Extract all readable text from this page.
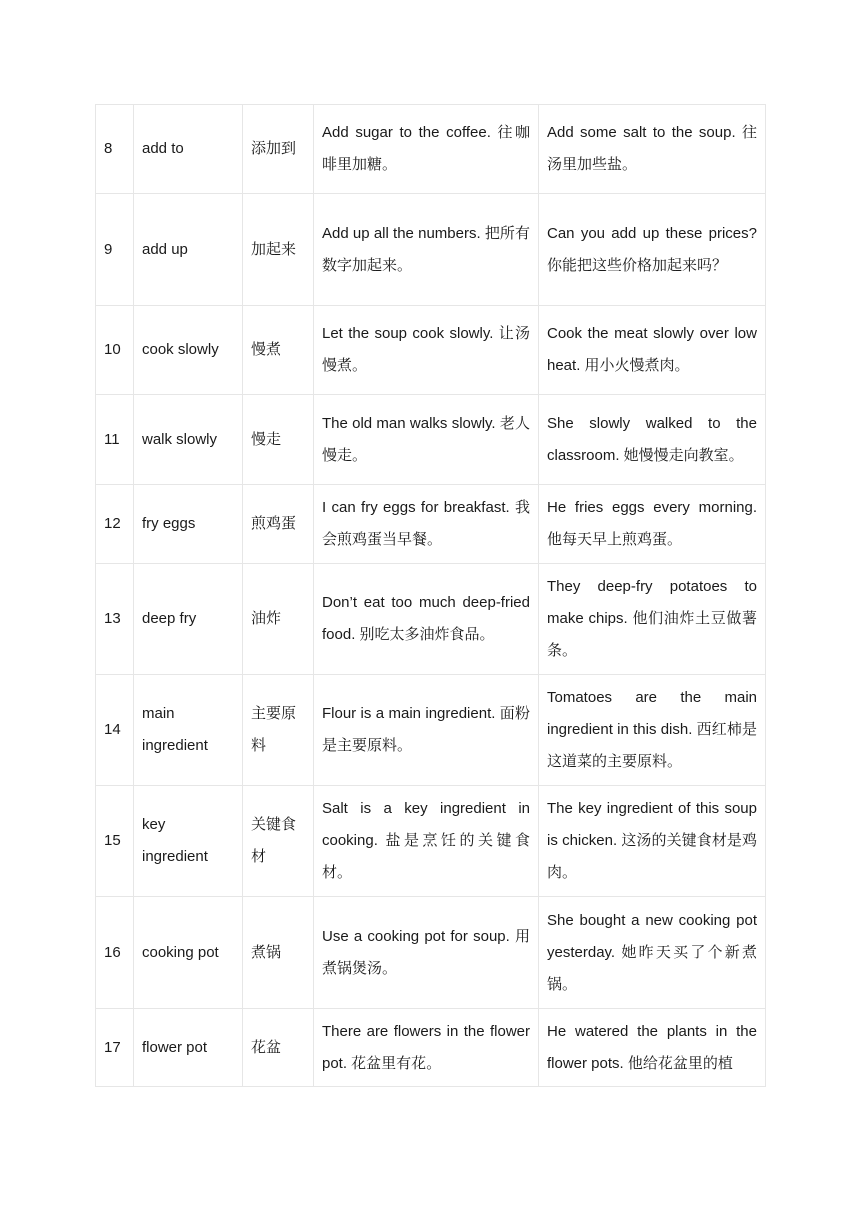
8	add to	添加到	Add sugar to the coffee. 往咖啡里加糖。	Add some salt to the soup. 往汤里加些盐。
9	add up	加起来	Add up all the numbers. 把所有数字加起来。	Can you add up these prices? 你能把这些价格加起来吗？
10	cook slowly	慢煮	Let the soup cook slowly. 让汤慢煮。	Cook the meat slowly over low heat. 用小火慢煮肉。
11	walk slowly	慢走	The old man walks slowly. 老人慢走。	She slowly walked to the classroom. 她慢慢走向教室。
12	fry eggs	煎鸡蛋	I can fry eggs for breakfast. 我会煎鸡蛋当早餐。	He fries eggs every morning. 他每天早上煎鸡蛋。
13	deep fry	油炸	Don’t eat too much deep-fried food. 别吃太多油炸食品。	They deep-fry potatoes to make chips. 他们油炸土豆做薯条。
14	main ingredient	主要原料	Flour is a main ingredient. 面粉是主要原料。	Tomatoes are the main ingredient in this dish. 西红柿是这道菜的主要原料。
15	key ingredient	关键食材	Salt is a key ingredient in cooking. 盐是烹饪的关键食材。	The key ingredient of this soup is chicken. 这汤的关键食材是鸡肉。
16	cooking pot	煮锅	Use a cooking pot for soup. 用煮锅煲汤。	She bought a new cooking pot yesterday. 她昨天买了个新煮锅。
17	flower pot	花盆	There are flowers in the flower pot. 花盆里有花。	He watered the plants in the flower pots. 他给花盆里的植
